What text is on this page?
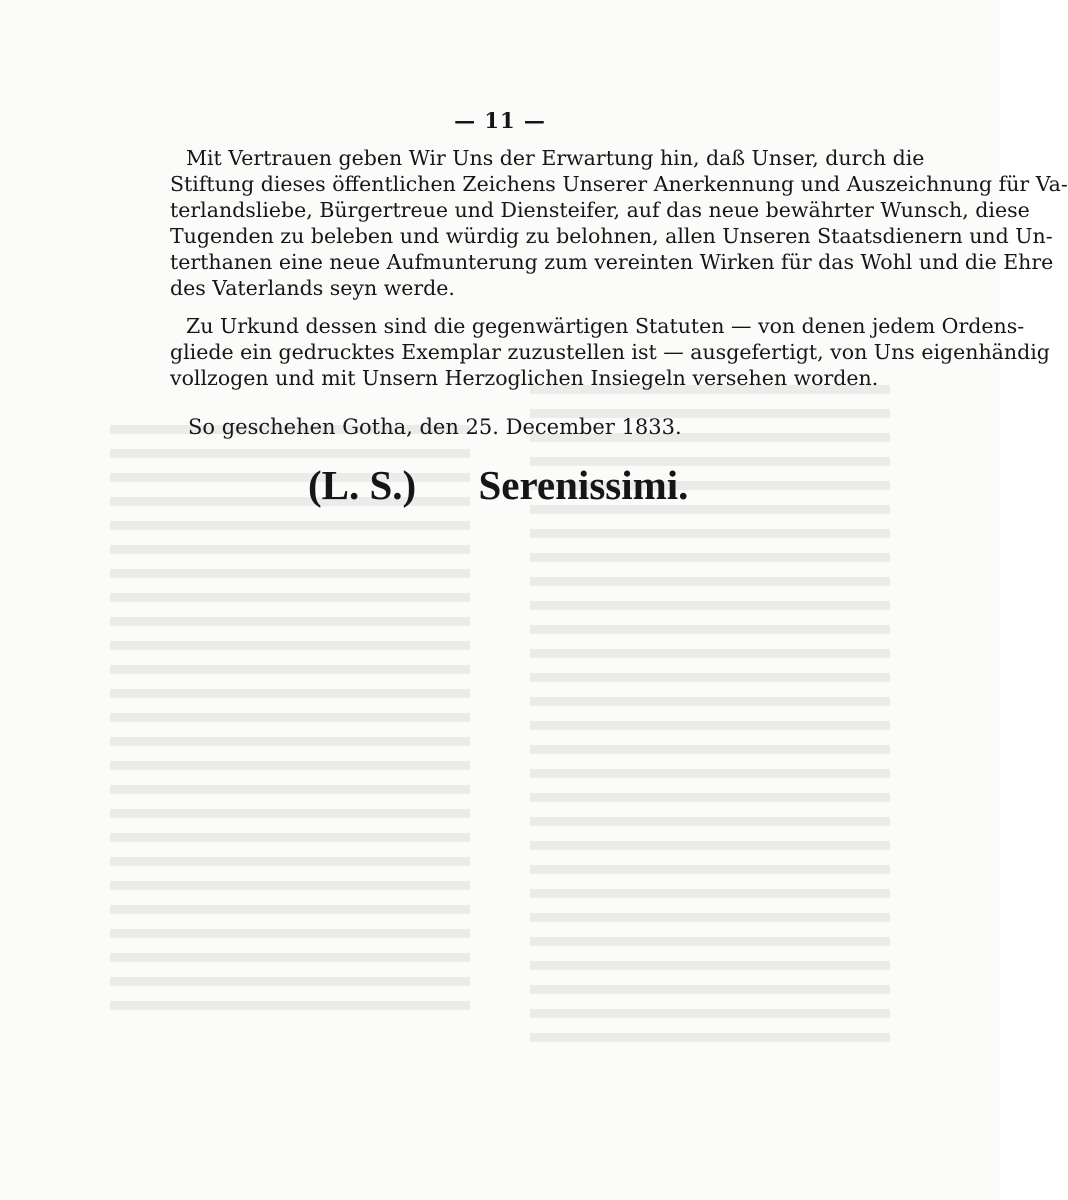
— 11 —
Mit Vertrauen geben Wir Uns der Erwartung hin, daß Unser, durch die
Stiftung dieses öffentlichen Zeichens Unserer Anerkennung und Auszeichnung für Va-
terlandsliebe, Bürgertreue und Diensteifer, auf das neue bewährter Wunsch, diese
Tugenden zu beleben und würdig zu belohnen, allen Unseren Staatsdienern und Un-
terthanen eine neue Aufmunterung zum vereinten Wirken für das Wohl und die Ehre
des Vaterlands seyn werde.
Zu Urkund dessen sind die gegenwärtigen Statuten — von denen jedem Ordens-
gliede ein gedrucktes Exemplar zuzustellen ist — ausgefertigt, von Uns eigenhändig
vollzogen und mit Unsern Herzoglichen Insiegeln versehen worden.
So geschehen Gotha, den 25. December 1833.
(L. S.) Serenissimi.
